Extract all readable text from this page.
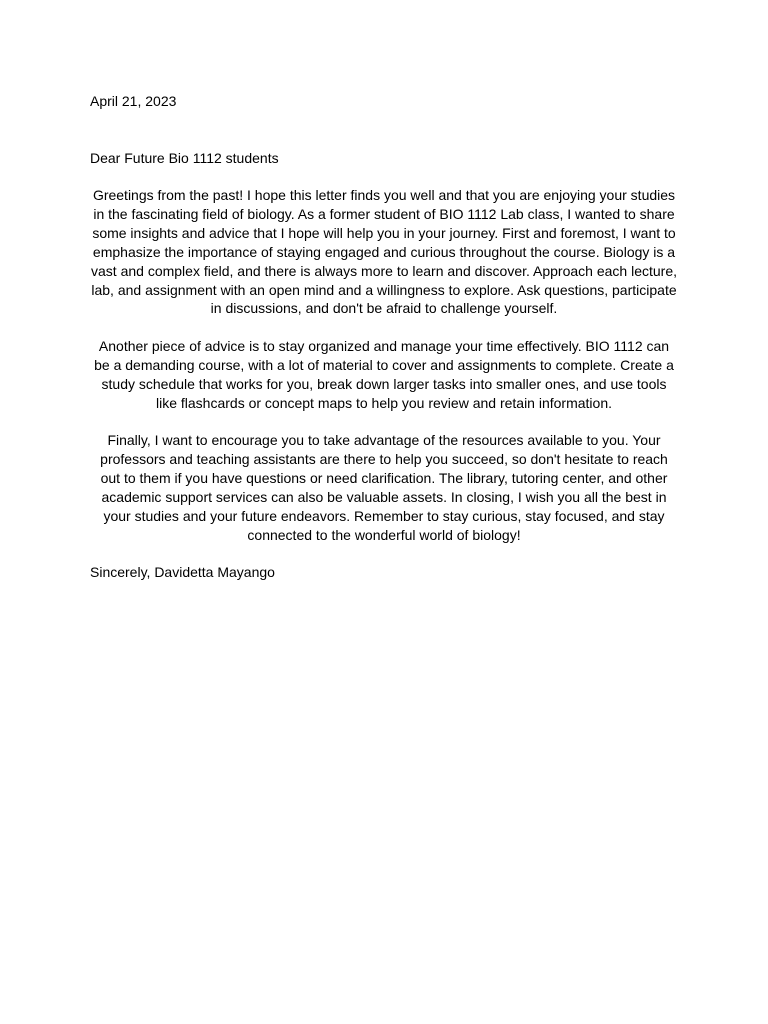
April 21, 2023
Dear Future Bio 1112 students

Greetings from the past! I hope this letter finds you well and that you are enjoying your studies in the fascinating field of biology. As a former student of BIO 1112 Lab class, I wanted to share some insights and advice that I hope will help you in your journey. First and foremost, I want to emphasize the importance of staying engaged and curious throughout the course. Biology is a vast and complex field, and there is always more to learn and discover. Approach each lecture, lab, and assignment with an open mind and a willingness to explore. Ask questions, participate in discussions, and don't be afraid to challenge yourself.

Another piece of advice is to stay organized and manage your time effectively. BIO 1112 can be a demanding course, with a lot of material to cover and assignments to complete. Create a study schedule that works for you, break down larger tasks into smaller ones, and use tools like flashcards or concept maps to help you review and retain information.

Finally, I want to encourage you to take advantage of the resources available to you. Your professors and teaching assistants are there to help you succeed, so don't hesitate to reach out to them if you have questions or need clarification. The library, tutoring center, and other academic support services can also be valuable assets. In closing, I wish you all the best in your studies and your future endeavors. Remember to stay curious, stay focused, and stay connected to the wonderful world of biology!

Sincerely, Davidetta Mayango
